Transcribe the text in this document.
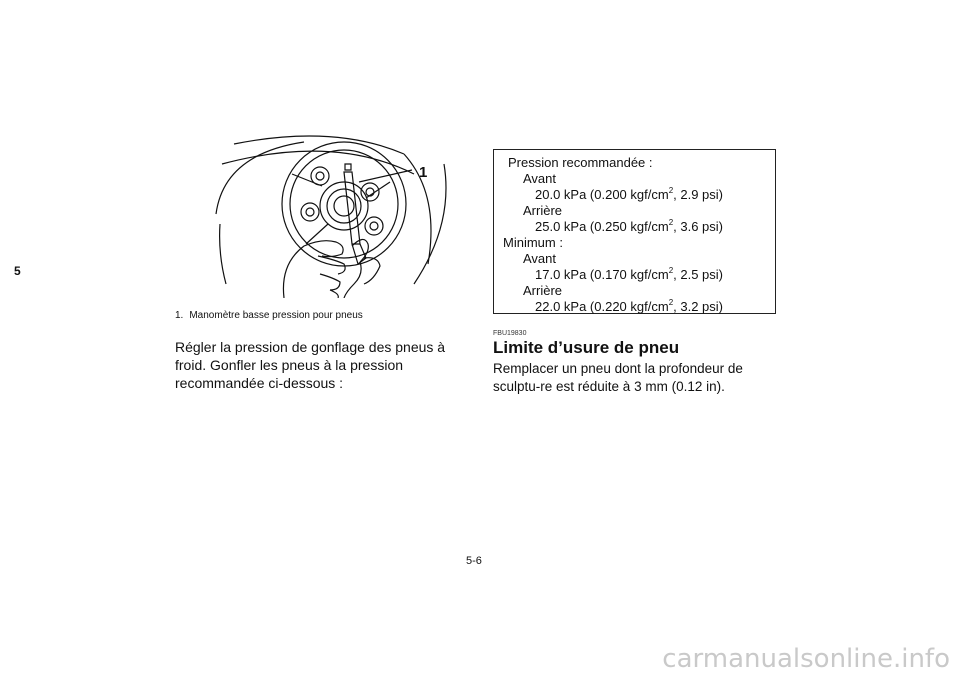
5
1
1. Manomètre basse pression pour pneus
Régler la pression de gonflage des pneus à froid. Gonfler les pneus à la pression recommandée ci-dessous :
Pression recommandée :
Avant
20.0 kPa (0.200 kgf/$cm^2$, 2.9 psi)
Arrière
25.0 kPa (0.250 kgf/$cm^2$, 3.6 psi)
Minimum :
Avant
17.0 kPa (0.170 kgf/$cm^2$, 2.5 psi)
Arrière
22.0 kPa (0.220 kgf/$cm^2$, 3.2 psi)
FBU19830
Limite d’usure de pneu
Remplacer un pneu dont la profondeur de sculptu-re est réduite à 3 mm (0.12 in).
5-6
carmanualsonline.info
